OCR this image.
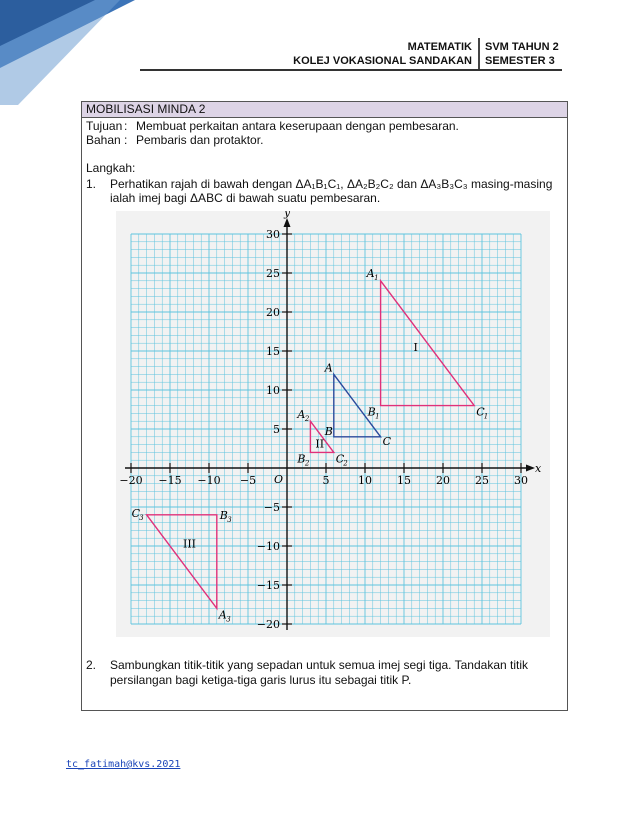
MATEMATIK
KOLEJ VOKASIONAL SANDAKAN
SVM TAHUN 2
SEMESTER 3
MOBILISASI MINDA 2
Tujuan : Membuat perkaitan antara keserupaan dengan pembesaran.
Bahan : Pembaris dan protaktor.
Langkah:
1.	Perhatikan rajah di bawah dengan ΔA₁B₁C₁, ΔA₂B₂C₂ dan ΔA₃B₃C₃ masing-masing
ialah imej bagi ΔABC di bawah suatu pembesaran.
−20 −15 −10 −5	5	10 15 20 25 30
30
25
20
15
10
5
−5
−10
−15
−20
A
B
C
A 1
B 1	C 1
A 2
B 2 C 2
A 3
B 3
C 3
I
II
III
x
y
O
2.	Sambungkan titik-titik yang sepadan untuk semua imej segi tiga. Tandakan titik persilangan bagi ketiga-tiga garis lurus itu sebagai titik P.
tc_fatimah@kvs.2021
